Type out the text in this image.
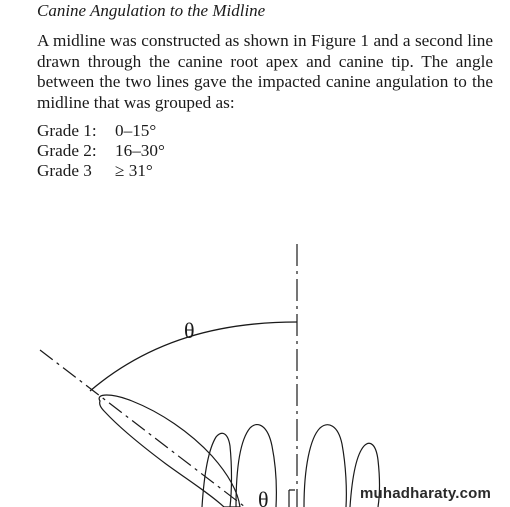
Canine Angulation to the Midline
A midline was constructed as shown in Figure 1 and a second line drawn through the canine root apex and canine tip. The angle between the two lines gave the impacted canine angulation to the midline that was grouped as:
Grade 1: 0–15°
Grade 2: 16–30°
Grade 3 ≥ 31°
θ
θ	muhadharaty.com
